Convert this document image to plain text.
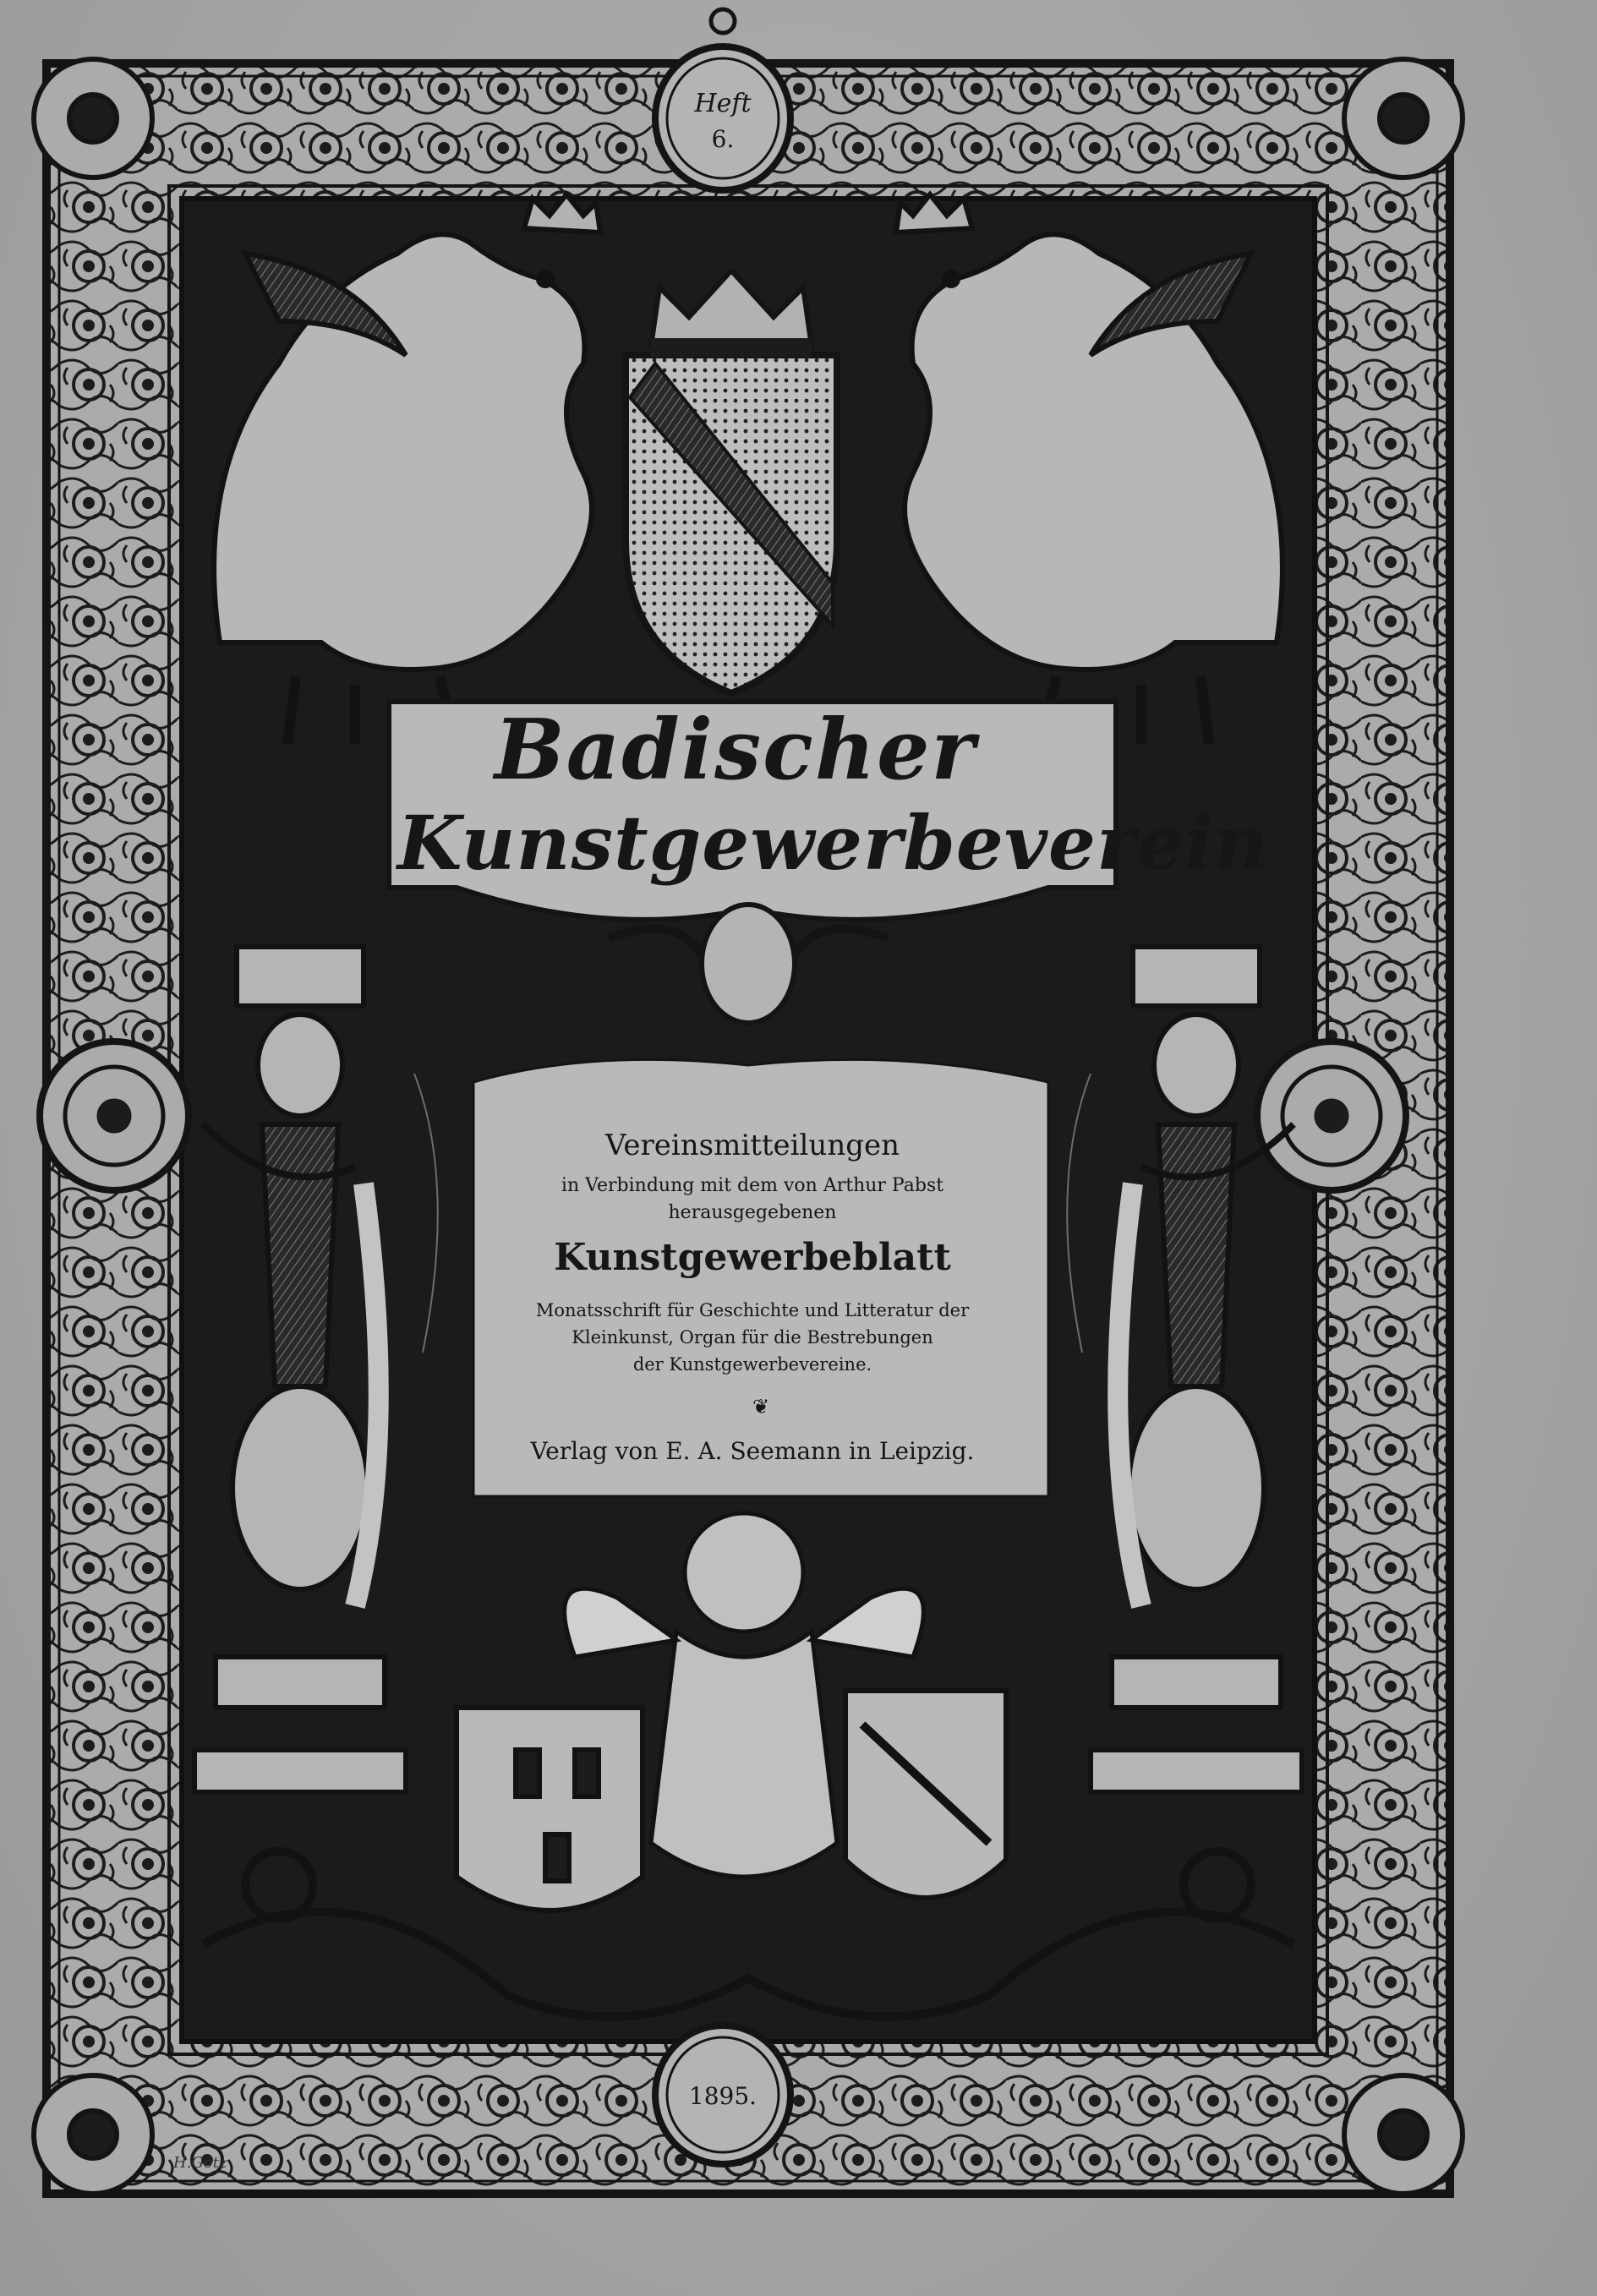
Heft
6.
Badischer
Kunstgewerbeverein
Vereinsmitteilungen
in Verbindung mit dem von Arthur Pabst
herausgegebenen
Kunstgewerbeblatt
Monatsschrift für Geschichte und Litteratur der
Kleinkunst, Organ für die Bestrebungen
der Kunstgewerbevereine.
❦
Verlag von E. A. Seemann in Leipzig.
1895.
H.Götz
